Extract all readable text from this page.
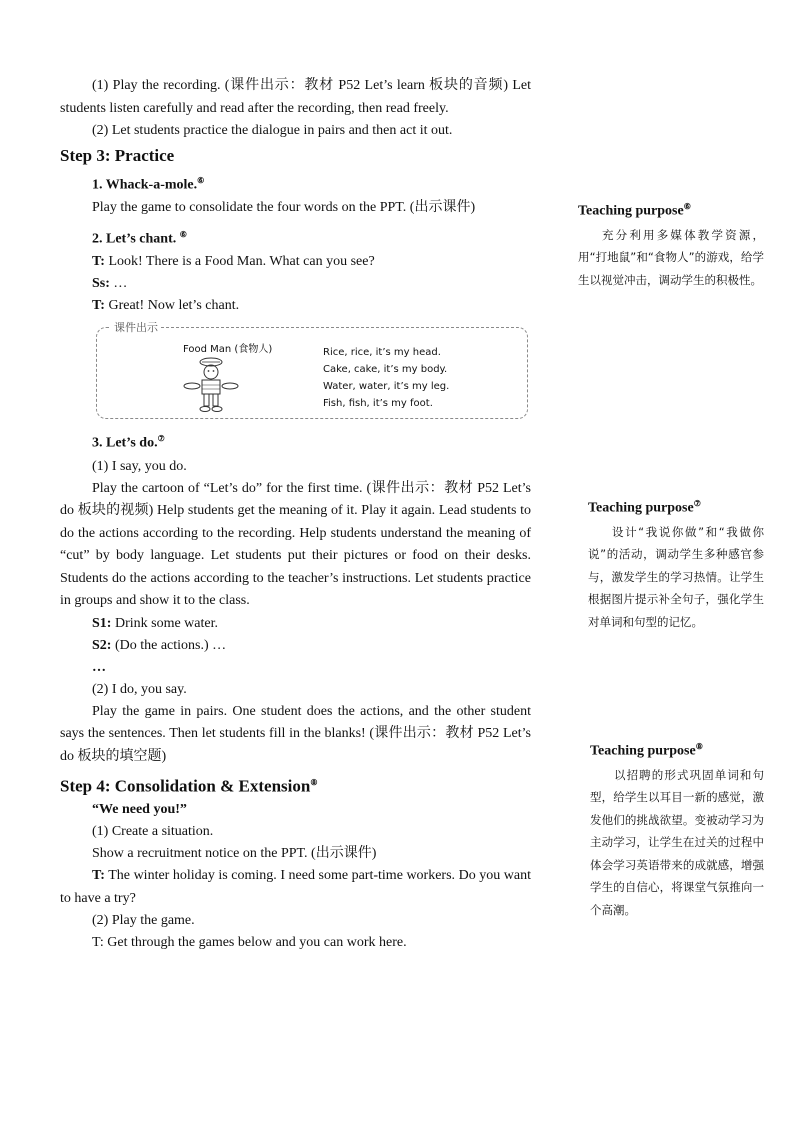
(1) Play the recording. (课件出示：教材 P52 Let’s learn 板块的音频) Let students listen carefully and read after the recording, then read freely.

(2) Let students practice the dialogue in pairs and then act it out.

Step 3: Practice

1. Whack-a-mole.⑥

Play the game to consolidate the four words on the PPT. (出示课件)

2. Let’s chant. ⑥

T: Look! There is a Food Man. What can you see?

Ss: …

T: Great! Now let’s chant.

课件出示
Food Man (食物人)	Rice, rice, it’s my head.
Cake, cake, it’s my body.
Water, water, it’s my leg.
Fish, fish, it’s my foot.

3. Let’s do.⑦

(1) I say, you do.

Play the cartoon of “Let’s do” for the first time. (课件出示：教材 P52 Let’s do 板块的视频) Help students get the meaning of it. Play it again. Lead students to do the actions according to the recording. Help students understand the meaning of “cut” by body language. Let students put their pictures or food on their desks. Students do the actions according to the teacher’s instructions. Let students practice in groups and show it to the class.

S1: Drink some water.

S2: (Do the actions.) …

…

(2) I do, you say.

Play the game in pairs. One student does the actions, and the other student says the sentences. Then let students fill in the blanks! (课件出示：教材 P52 Let’s do 板块的填空题)

Step 4: Consolidation & Extension⑧

“We need you!”

(1) Create a situation.

Show a recruitment notice on the PPT. (出示课件)

T: The winter holiday is coming. I need some part-time workers. Do you want to have a try?

(2) Play the game.

T: Get through the games below and you can work here.

Teaching purpose⑥

充分利用多媒体教学资源，用“打地鼠”和“食物人”的游戏，给学生以视觉冲击，调动学生的积极性。

Teaching purpose⑦

设计“我说你做”和“我做你说”的活动，调动学生多种感官参与，激发学生的学习热情。让学生根据图片提示补全句子，强化学生对单词和句型的记忆。

Teaching purpose⑧

以招聘的形式巩固单词和句型，给学生以耳目一新的感觉，激发他们的挑战欲望。变被动学习为主动学习，让学生在过关的过程中体会学习英语带来的成就感，增强学生的自信心，将课堂气氛推向一个高潮。
